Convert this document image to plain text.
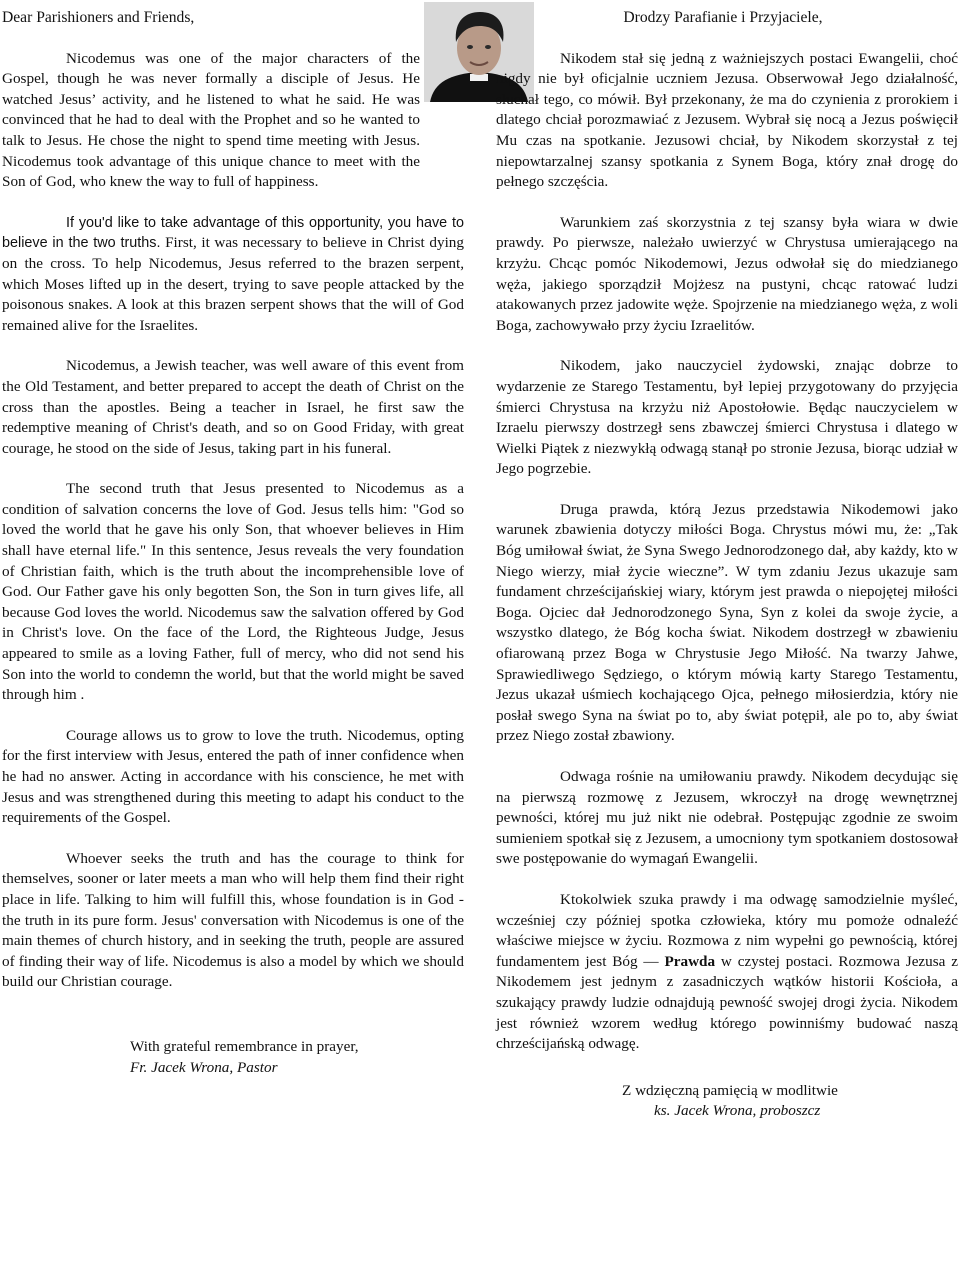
Dear Parishioners and Friends,

Nicodemus was one of the major characters of the Gospel, though he was never formally a disciple of Jesus. He watched Jesus’ activity, and he listened to what he said. He was convinced that he had to deal with the Prophet and so he wanted to talk to Jesus. He chose the night to spend time meeting with Jesus. Nicodemus took advantage of this unique chance to meet with the Son of God, who knew the way to full of happiness.

If you'd like to take advantage of this opportunity, you have to believe in the two truths. First, it was necessary to believe in Christ dying on the cross. To help Nicodemus, Jesus referred to the brazen serpent, which Moses lifted up in the desert, trying to save people attacked by the poisonous snakes. A look at this brazen serpent shows that the will of God remained alive for the Israelites.

Nicodemus, a Jewish teacher, was well aware of this event from the Old Testament, and better prepared to accept the death of Christ on the cross than the apostles. Being a teacher in Israel, he first saw the redemptive meaning of Christ's death, and so on Good Friday, with great courage, he stood on the side of Jesus, taking part in his funeral.

The second truth that Jesus presented to Nicodemus as a condition of salvation concerns the love of God. Jesus tells him: "God so loved the world that he gave his only Son, that whoever believes in Him shall have eternal life." In this sentence, Jesus reveals the very foundation of Christian faith, which is the truth about the incomprehensible love of God. Our Father gave his only begotten Son, the Son in turn gives life, all because God loves the world. Nicodemus saw the salvation offered by God in Christ's love. On the face of the Lord, the Righteous Judge, Jesus appeared to smile as a loving Father, full of mercy, who did not send his Son into the world to condemn the world, but that the world might be saved through him .

Courage allows us to grow to love the truth. Nicodemus, opting for the first interview with Jesus, entered the path of inner confidence when he had no answer. Acting in accordance with his conscience, he met with Jesus and was strengthened during this meeting to adapt his conduct to the requirements of the Gospel.

Whoever seeks the truth and has the courage to think for themselves, sooner or later meets a man who will help them find their right place in life. Talking to him will fulfill this, whose foundation is in God - the truth in its pure form. Jesus' conversation with Nicodemus is one of the main themes of church history, and in seeking the truth, people are assured of finding their way of life. Nicodemus is also a model by which we should build our Christian courage.

With grateful remembrance in prayer,
Fr. Jacek Wrona, Pastor
Drodzy Parafianie i Przyjaciele,

Nikodem stał się jedną z ważniejszych postaci Ewangelii, choć nigdy nie był oficjalnie uczniem Jezusa. Obserwował Jego działalność, słuchał tego, co mówił. Był przekonany, że ma do czynienia z prorokiem i dlatego chciał porozmawiać z Jezusem. Wybrał się nocą a Jezus poświęcił Mu czas na spotkanie. Jezusowi chciał, by Nikodem skorzystał z tej niepowtarzalnej szansy spotkania z Synem Boga, który znał drogę do pełnego szczęścia.

Warunkiem zaś skorzystnia z tej szansy była wiara w dwie prawdy. Po pierwsze, należało uwierzyć w Chrystusa umierającego na krzyżu. Chcąc pomóc Nikodemowi, Jezus odwołał się do miedzianego węża, jakiego sporządził Mojżesz na pustyni, chcąc ratować ludzi atakowanych przez jadowite węże. Spojrzenie na miedzianego węża, z woli Boga, zachowywało przy życiu Izraelitów.

Nikodem, jako nauczyciel żydowski, znając dobrze to wydarzenie ze Starego Testamentu, był lepiej przygotowany do przyjęcia śmierci Chrystusa na krzyżu niż Apostołowie. Będąc nauczycielem w Izraelu pierwszy dostrzegł sens zbawczej śmierci Chrystusa i dlatego w Wielki Piątek z niezwykłą odwagą stanął po stronie Jezusa, biorąc udział w Jego pogrzebie.

Druga prawda, którą Jezus przedstawia Nikodemowi jako warunek zbawienia dotyczy miłości Boga. Chrystus mówi mu, że: „Tak Bóg umiłował świat, że Syna Swego Jednorodzonego dał, aby każdy, kto w Niego wierzy, miał życie wieczne”. W tym zdaniu Jezus ukazuje sam fundament chrześcijańskiej wiary, którym jest prawda o niepojętej miłości Boga. Ojciec dał Jednorodzonego Syna, Syn z kolei da swoje życie, a wszystko dlatego, że Bóg kocha świat. Nikodem dostrzegł w zbawieniu ofiarowaną przez Boga w Chrystusie Jego Miłość. Na twarzy Jahwe, Sprawiedliwego Sędziego, o którym mówią karty Starego Testamentu, Jezus ukazał uśmiech kochającego Ojca, pełnego miłosierdzia, który nie posłał swego Syna na świat po to, aby świat potępił, ale po to, aby świat przez Niego został zbawiony.

Odwaga rośnie na umiłowaniu prawdy. Nikodem decydując się na pierwszą rozmowę z Jezusem, wkroczył na drogę wewnętrznej pewności, której mu już nikt nie odebrał. Postępując zgodnie ze swoim sumieniem spotkał się z Jezusem, a umocniony tym spotkaniem dostosował swe postępowanie do wymagań Ewangelii.

Ktokolwiek szuka prawdy i ma odwagę samodzielnie myśleć, wcześniej czy później spotka człowieka, który mu pomoże odnaleźć właściwe miejsce w życiu. Rozmowa z nim wypełni go pewnością, której fundamentem jest Bóg — Prawda w czystej postaci. Rozmowa Jezusa z Nikodemem jest jednym z zasadniczych wątków historii Kościoła, a szukający prawdy ludzie odnajdują pewność swojej drogi życia. Nikodem jest również wzorem według którego powinniśmy budować naszą chrześcijańską odwagę.

Z wdzięczną pamięcią w modlitwie
ks. Jacek Wrona, proboszcz
